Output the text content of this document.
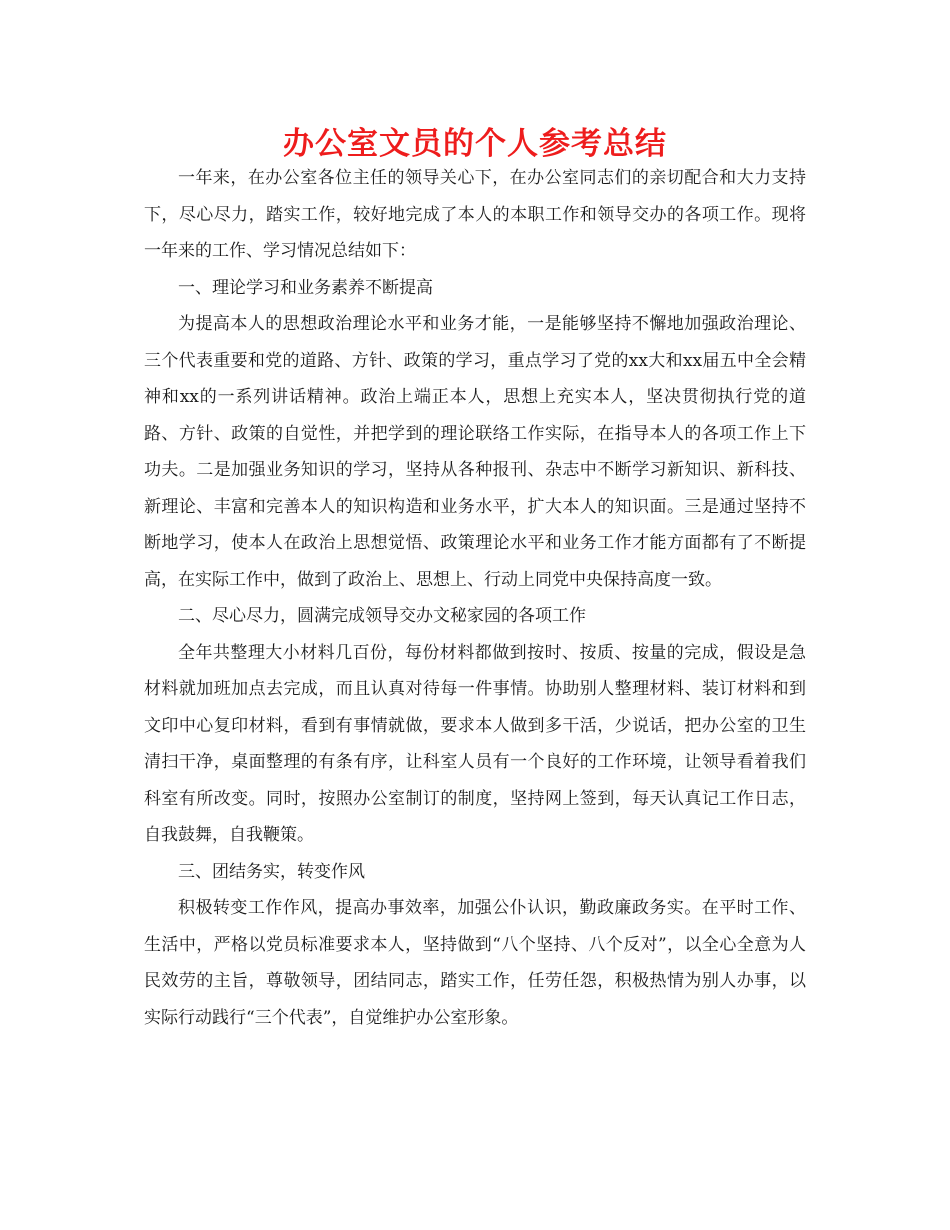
办公室文员的个人参考总结

一年来，在办公室各位主任的领导关心下，在办公室同志们的亲切配合和大力支持下，尽心尽力，踏实工作，较好地完成了本人的本职工作和领导交办的各项工作。现将一年来的工作、学习情况总结如下：

一、理论学习和业务素养不断提高

为提高本人的思想政治理论水平和业务才能，一是能够坚持不懈地加强政治理论、三个代表重要和党的道路、方针、政策的学习，重点学习了党的xx大和xx届五中全会精神和xx的一系列讲话精神。政治上端正本人，思想上充实本人，坚决贯彻执行党的道路、方针、政策的自觉性，并把学到的理论联络工作实际，在指导本人的各项工作上下功夫。二是加强业务知识的学习，坚持从各种报刊、杂志中不断学习新知识、新科技、新理论、丰富和完善本人的知识构造和业务水平，扩大本人的知识面。三是通过坚持不断地学习，使本人在政治上思想觉悟、政策理论水平和业务工作才能方面都有了不断提高，在实际工作中，做到了政治上、思想上、行动上同党中央保持高度一致。

二、尽心尽力，圆满完成领导交办文秘家园的各项工作

全年共整理大小材料几百份，每份材料都做到按时、按质、按量的完成，假设是急材料就加班加点去完成，而且认真对待每一件事情。协助别人整理材料、装订材料和到文印中心复印材料，看到有事情就做，要求本人做到多干活，少说话，把办公室的卫生清扫干净，桌面整理的有条有序，让科室人员有一个良好的工作环境，让领导看着我们科室有所改变。同时，按照办公室制订的制度，坚持网上签到，每天认真记工作日志，自我鼓舞，自我鞭策。

三、团结务实，转变作风

积极转变工作作风，提高办事效率，加强公仆认识，勤政廉政务实。在平时工作、生活中，严格以党员标准要求本人，坚持做到“八个坚持、八个反对”，以全心全意为人民效劳的主旨，尊敬领导，团结同志，踏实工作，任劳任怨，积极热情为别人办事，以实际行动践行“三个代表”，自觉维护办公室形象。
